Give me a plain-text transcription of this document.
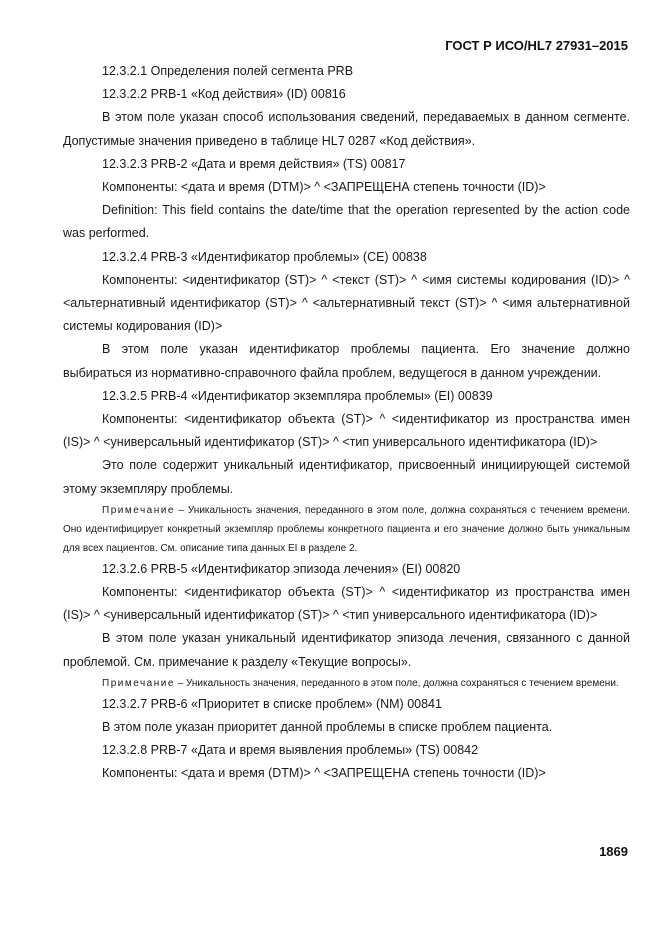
ГОСТ Р ИСО/HL7 27931–2015

12.3.2.1 Определения полей сегмента PRB

12.3.2.2 PRB-1 «Код действия» (ID) 00816

В этом поле указан способ использования сведений, передаваемых в данном сегменте. Допустимые значения приведено в таблице HL7 0287 «Код действия».

12.3.2.3 PRB-2 «Дата и время действия» (TS) 00817

Компоненты: <дата и время (DTM)> ^ <ЗАПРЕЩЕНА степень точности (ID)>

Definition: This field contains the date/time that the operation represented by the action code was performed.

12.3.2.4 PRB-3 «Идентификатор проблемы» (CE) 00838

Компоненты: <идентификатор (ST)> ^ <текст (ST)> ^ <имя системы кодирования (ID)> ^ <альтернативный идентификатор (ST)> ^ <альтернативный текст (ST)> ^ <имя альтернативной системы кодирования (ID)>

В этом поле указан идентификатор проблемы пациента. Его значение должно выбираться из нормативно-справочного файла проблем, ведущегося в данном учреждении.

12.3.2.5 PRB-4 «Идентификатор экземпляра проблемы» (EI) 00839

Компоненты: <идентификатор объекта (ST)> ^ <идентификатор из пространства имен (IS)> ^ <универсальный идентификатор (ST)> ^ <тип универсального идентификатора (ID)>

Это поле содержит уникальный идентификатор, присвоенный инициирующей системой этому экземпляру проблемы.

Примечание – Уникальность значения, переданного в этом поле, должна сохраняться с течением времени. Оно идентифицирует конкретный экземпляр проблемы конкретного пациента и его значение должно быть уникальным для всех пациентов. См. описание типа данных EI в разделе 2.

12.3.2.6 PRB-5 «Идентификатор эпизода лечения» (EI) 00820

Компоненты: <идентификатор объекта (ST)> ^ <идентификатор из пространства имен (IS)> ^ <универсальный идентификатор (ST)> ^ <тип универсального идентификатора (ID)>

В этом поле указан уникальный идентификатор эпизода лечения, связанного с данной проблемой. См. примечание к разделу «Текущие вопросы».

Примечание – Уникальность значения, переданного в этом поле, должна сохраняться с течением времени.

12.3.2.7 PRB-6 «Приоритет в списке проблем» (NM) 00841

В этом поле указан приоритет данной проблемы в списке проблем пациента.

12.3.2.8 PRB-7 «Дата и время выявления проблемы» (TS) 00842

Компоненты: <дата и время (DTM)> ^ <ЗАПРЕЩЕНА степень точности (ID)>

1869
